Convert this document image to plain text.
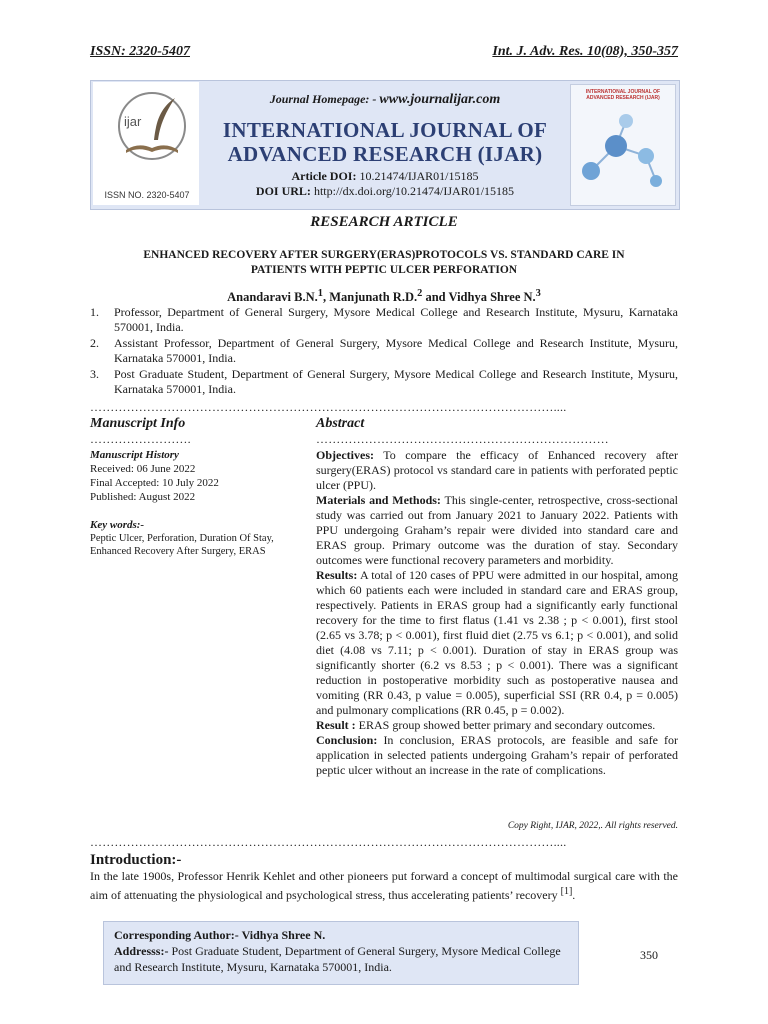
ISSN: 2320-5407	Int. J. Adv. Res. 10(08), 350-357
ijar
ISSN NO. 2320-5407
Journal Homepage: - www.journalijar.com
INTERNATIONAL JOURNAL OF
ADVANCED RESEARCH (IJAR)
Article DOI: 10.21474/IJAR01/15185
DOI URL: http://dx.doi.org/10.21474/IJAR01/15185
INTERNATIONAL JOURNAL OF ADVANCED RESEARCH (IJAR)
RESEARCH ARTICLE
ENHANCED RECOVERY AFTER SURGERY(ERAS)PROTOCOLS VS. STANDARD CARE IN
PATIENTS WITH PEPTIC ULCER PERFORATION
Anandaravi B.N.$^1$, Manjunath R.D.$^2$ and Vidhya Shree N.$^3$
1.	Professor, Department of General Surgery, Mysore Medical College and Research Institute, Mysuru, Karnataka 570001, India.
2.	Assistant Professor, Department of General Surgery, Mysore Medical College and Research Institute, Mysuru, Karnataka 570001, India.
3.	Post Graduate Student, Department of General Surgery, Mysore Medical College and Research Institute, Mysuru, Karnataka 570001, India.
……………………………………………………………………………………………………....
Manuscript Info
…………………….
Abstract
………………………………………………………………
Manuscript History
Received: 06 June 2022
Final Accepted: 10 July 2022
Published: August 2022
Key words:-
Peptic Ulcer, Perforation, Duration Of Stay, Enhanced Recovery After Surgery, ERAS

Objectives: To compare the efficacy of Enhanced recovery after surgery(ERAS) protocol vs standard care in patients with perforated peptic ulcer (PPU).

Materials and Methods: This single-center, retrospective, cross-sectional study was carried out from January 2021 to January 2022. Patients with PPU undergoing Graham’s repair were divided into standard care and ERAS group. Primary outcome was the duration of stay. Secondary outcomes were functional recovery parameters and morbidity.

Results: A total of 120 cases of PPU were admitted in our hospital, among which 60 patients each were included in standard care and ERAS group, respectively. Patients in ERAS group had a significantly early functional recovery for the time to first flatus (1.41 vs 2.38 ; p < 0.001), first stool (2.65 vs 3.78; p < 0.001), first fluid diet (2.75 vs 6.1; p < 0.001), and solid diet (4.08 vs 7.11; p < 0.001). Duration of stay in ERAS group was significantly shorter (6.2 vs 8.53 ; p < 0.001). There was a significant reduction in postoperative morbidity such as postoperative nausea and vomiting (RR 0.43, p value = 0.005), superficial SSI (RR 0.4, p = 0.005) and pulmonary complications (RR 0.45, p = 0.002).

Result : ERAS group showed better primary and secondary outcomes.

Conclusion: In conclusion, ERAS protocols, are feasible and safe for application in selected patients undergoing Graham’s repair of perforated peptic ulcer without an increase in the rate of complications.

Copy Right, IJAR, 2022,. All rights reserved.
……………………………………………………………………………………………………....
Introduction:-
In the late 1900s, Professor Henrik Kehlet and other pioneers put forward a concept of multimodal surgical care with the aim of attenuating the physiological and psychological stress, thus accelerating patients’ recovery [1].
Corresponding Author:- Vidhya Shree N.
Addresss:- Post Graduate Student, Department of General Surgery, Mysore Medical College and Research Institute, Mysuru, Karnataka 570001, India.
350
